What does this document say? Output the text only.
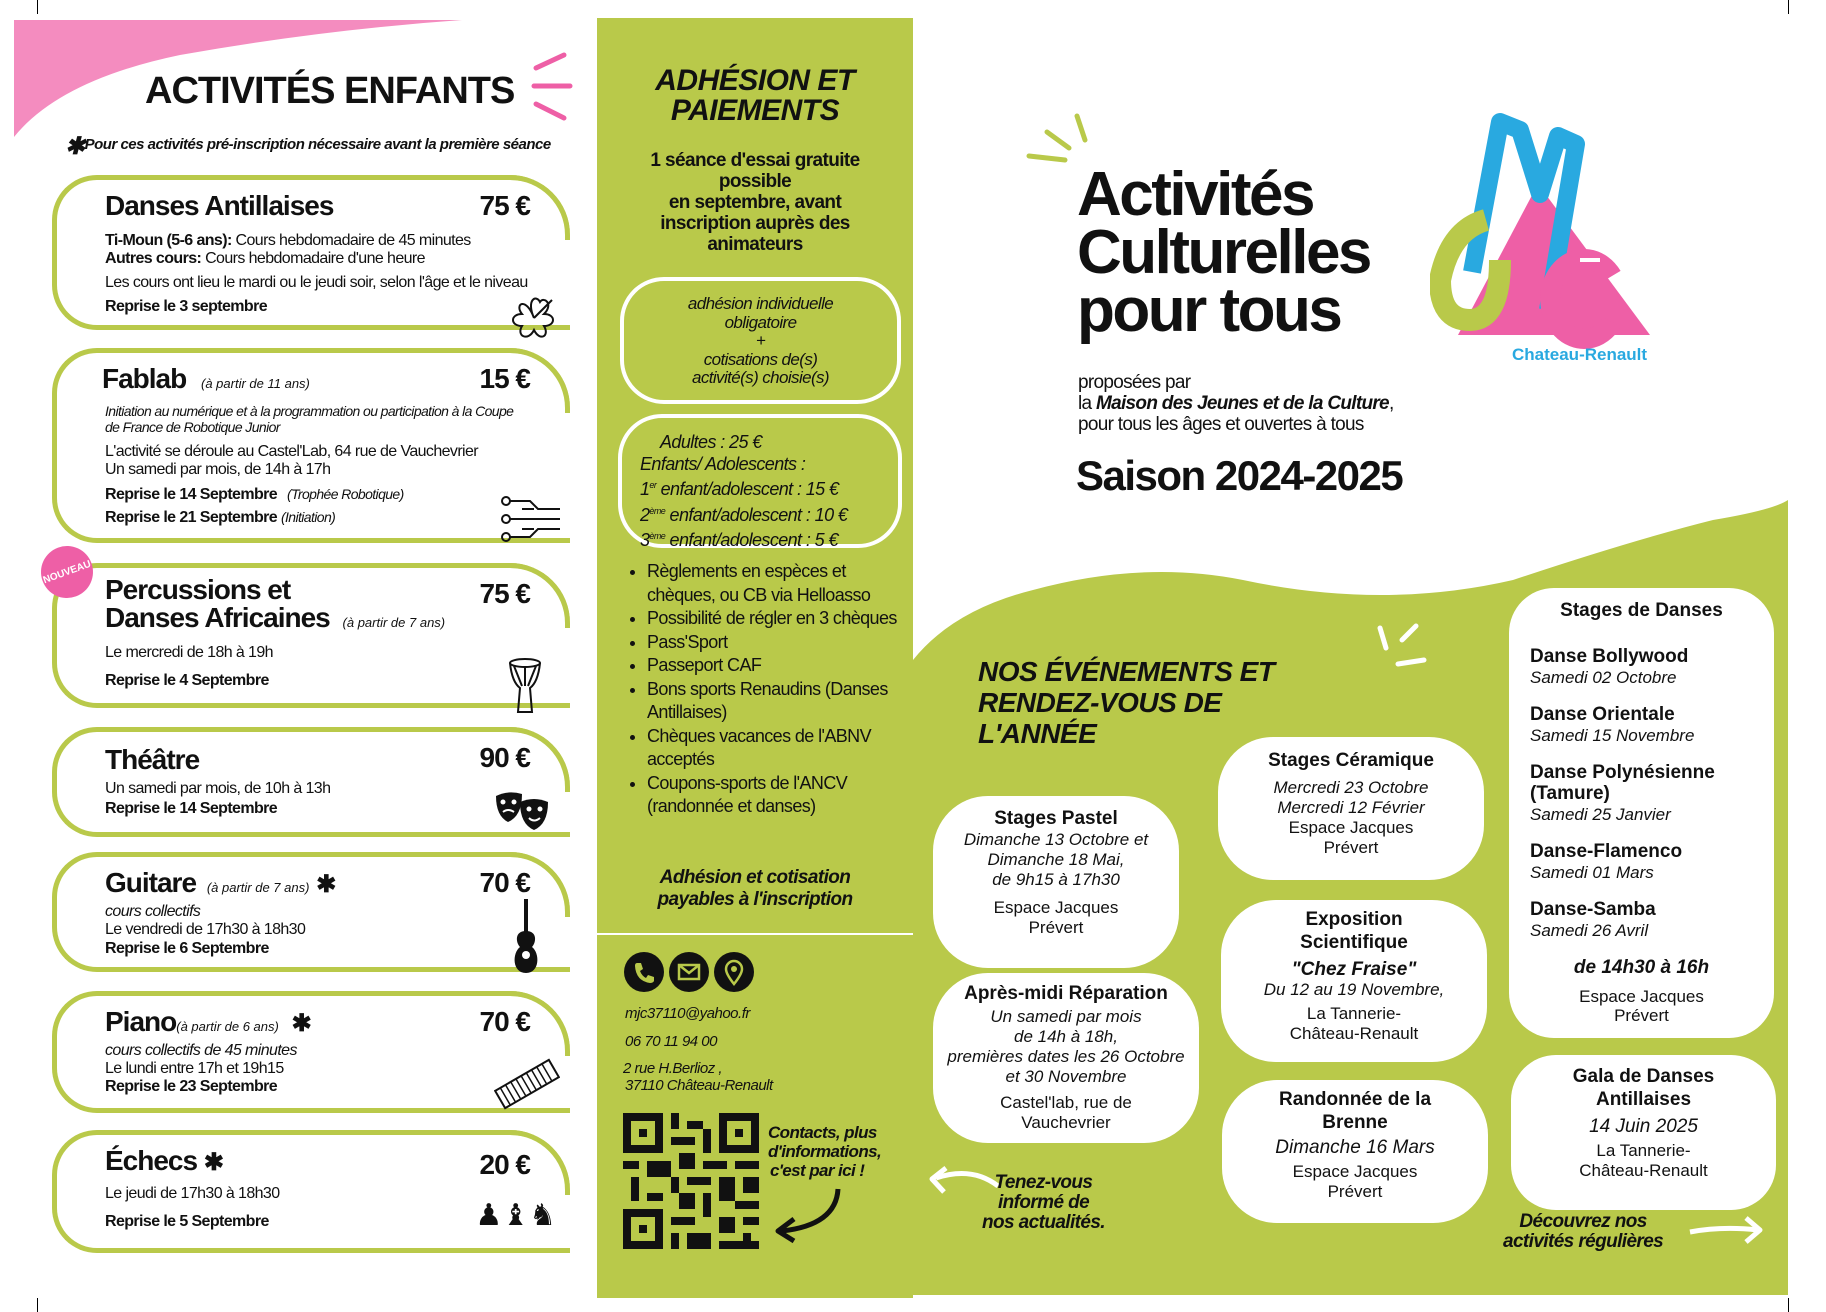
ACTIVITÉS ENFANTS
✱Pour ces activités pré-inscription nécessaire avant la première séance
Danses Antillaises	75 €
Ti-Moun (5-6 ans): Cours hebdomadaire de 45 minutes
Autres cours: Cours hebdomadaire d'une heure
Les cours ont lieu le mardi ou le jeudi soir, selon l'âge et le niveau
Reprise le 3 septembre
Fablab (à partir de 11 ans)	15 €
Initiation au numérique et à la programmation ou participation à la Coupe
de France de Robotique Junior
L'activité se déroule au Castel'Lab, 64 rue de Vauchevrier
Un samedi par mois, de 14h à 17h
Reprise le 14 Septembre (Trophée Robotique)
Reprise le 21 Septembre (Initiation)
Percussions et
Danses Africaines (à partir de 7 ans)
75 €
Le mercredi de 18h à 19h
Reprise le 4 Septembre
NOUVEAU
Théâtre	90 €
Un samedi par mois, de 10h à 13h
Reprise le 14 Septembre
Guitare (à partir de 7 ans) ✱	70 €
cours collectifs
Le vendredi de 17h30 à 18h30
Reprise le 6 Septembre
Piano(à partir de 6 ans) ✱	70 €
cours collectifs de 45 minutes
Le lundi entre 17h et 19h15
Reprise le 23 Septembre
Échecs ✱	20 €
Le jeudi de 17h30 à 18h30
Reprise le 5 Septembre	♟♝♞
ADHÉSION ET
PAIEMENTS
1 séance d'essai gratuite
possible
en septembre, avant
inscription auprès des
animateurs
adhésion individuelle
obligatoire
+
cotisations de(s)
activité(s) choisie(s)
Adultes : 25 €
Enfants/ Adolescents :
1er enfant/adolescent : 15 €
2ème enfant/adolescent : 10 €
3ème enfant/adolescent : 5 €
• Règlements en espèces et chèques, ou CB via Helloasso
• Possibilité de régler en 3 chèques
• Pass'Sport
• Passeport CAF
• Bons sports Renaudins (Danses Antillaises)
• Chèques vacances de l'ABNV acceptés
• Coupons-sports de l'ANCV (randonnée et danses)
Adhésion et cotisation
payables à l'inscription
mjc37110@yahoo.fr
06 70 11 94 00
2 rue H.Berlioz ,
37110 Château-Renault
Contacts, plus
d'informations,
c'est par ici !
Activités
Culturelles
pour tous
proposées par
la Maison des Jeunes et de la Culture,
pour tous les âges et ouvertes à tous
Saison 2024-2025
Chateau-Renault
NOS ÉVÉNEMENTS ET
RENDEZ-VOUS DE
L'ANNÉE
Stages Pastel
Dimanche 13 Octobre et
Dimanche 18 Mai,
de 9h15 à 17h30
Espace Jacques
Prévert
Stages Céramique
Mercredi 23 Octobre
Mercredi 12 Février
Espace Jacques
Prévert
Après-midi Réparation
Un samedi par mois
de 14h à 18h,
premières dates les 26 Octobre
et 30 Novembre
Castel'lab, rue de
Vauchevrier
Exposition
Scientifique
"Chez Fraise"
Du 12 au 19 Novembre,
La Tannerie-
Château-Renault
Randonnée de la
Brenne
Dimanche 16 Mars
Espace Jacques
Prévert
Stages de Danses
Danse Bollywood
Samedi 02 Octobre
Danse Orientale
Samedi 15 Novembre
Danse Polynésienne (Tamure)
Samedi 25 Janvier
Danse-Flamenco
Samedi 01 Mars
Danse-Samba
Samedi 26 Avril
de 14h30 à 16h
Espace Jacques
Prévert
Gala de Danses
Antillaises
14 Juin 2025
La Tannerie-
Château-Renault
Tenez-vous
informé de
nos actualités.	Découvrez nos
activités régulières
